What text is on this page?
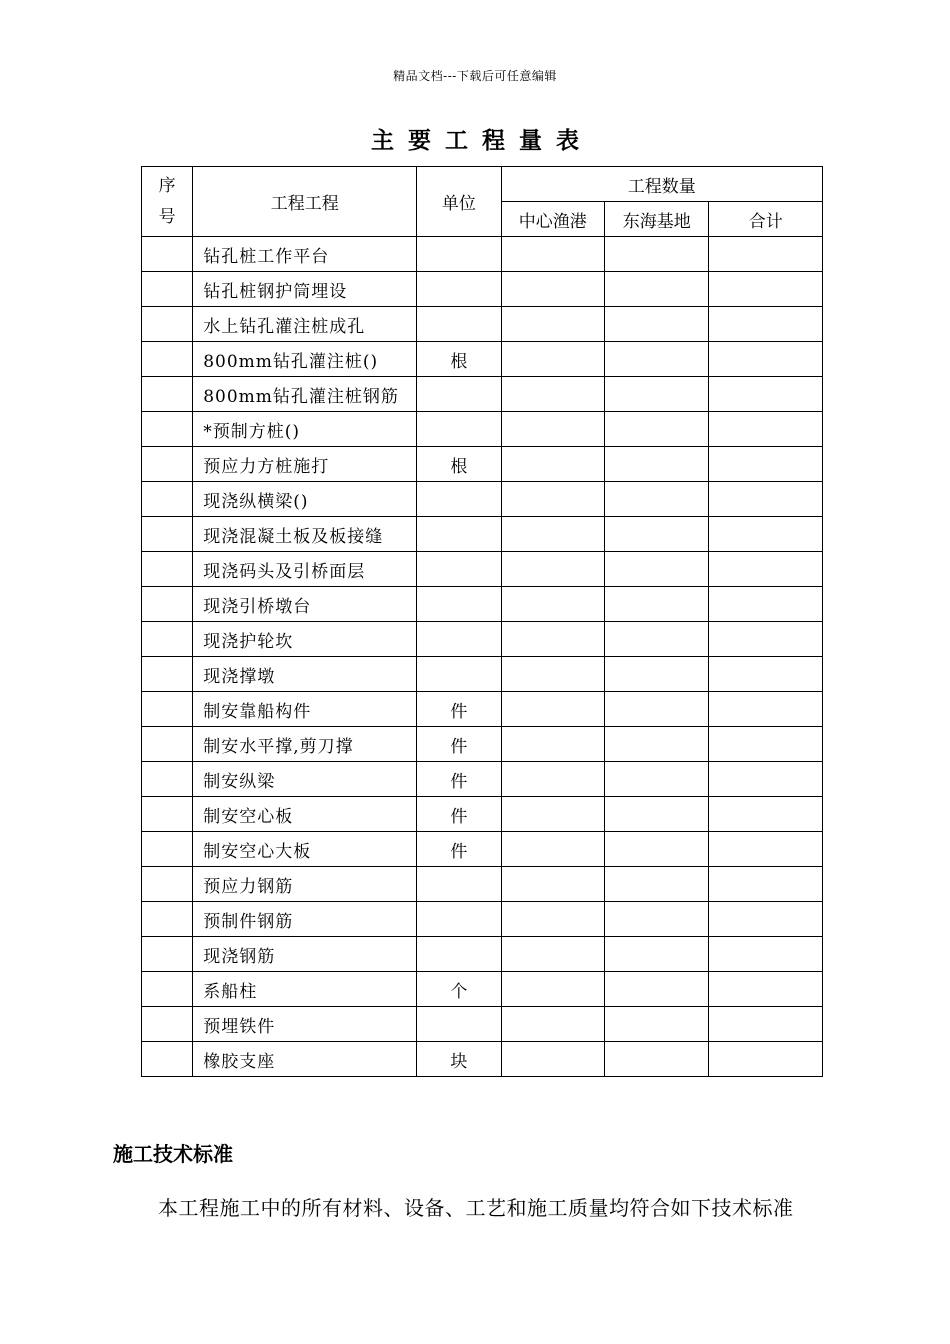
精品文档---下载后可任意编辑
主要工程量表
序
号	工程工程	单位	工程数量		
			中心渔港	东海基地	合计
	钻孔桩工作平台				
	钻孔桩钢护筒埋设				
	水上钻孔灌注桩成孔				
	800mm钻孔灌注桩()	根			
	800mm钻孔灌注桩钢筋				
	*预制方桩()				
	预应力方桩施打	根			
	现浇纵横梁()				
	现浇混凝土板及板接缝				
	现浇码头及引桥面层				
	现浇引桥墩台				
	现浇护轮坎				
	现浇撑墩				
	制安靠船构件	件			
	制安水平撑,剪刀撑	件			
	制安纵梁	件			
	制安空心板	件			
	制安空心大板	件			
	预应力钢筋				
	预制件钢筋				
	现浇钢筋				
	系船柱	个			
	预埋铁件				
	橡胶支座	块			
施工技术标准
本工程施工中的所有材料、设备、工艺和施工质量均符合如下技术标准
